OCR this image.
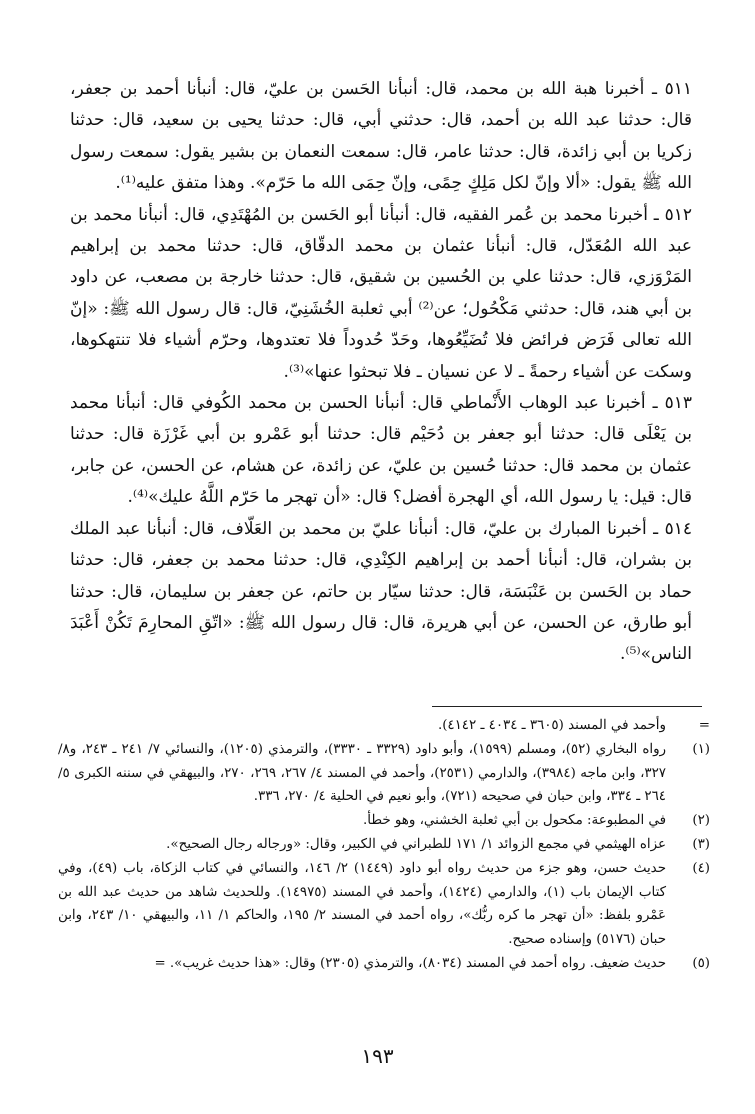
٥١١ ـ أخبرنا هبة الله بن محمد، قال: أنبأنا الحَسن بن عليّ، قال: أنبأنا أحمد بن جعفر، قال: حدثنا عبد الله بن أحمد، قال: حدثني أبي، قال: حدثنا يحيى بن سعيد، قال: حدثنا زكريا بن أبي زائدة، قال: حدثنا عامر، قال: سمعت النعمان بن بشير يقول: سمعت رسول الله ﷺ يقول: «ألا وإنّ لكل مَلِكٍ حِمًى، وإنّ حِمَى الله ما حَرّم». وهذا متفق عليه⁽¹⁾.

٥١٢ ـ أخبرنا محمد بن عُمر الفقيه، قال: أنبأنا أبو الحَسن بن المُهْتَدِي، قال: أنبأنا محمد بن عبد الله المُعَدّل، قال: أنبأنا عثمان بن محمد الدقّاق، قال: حدثنا محمد بن إبراهيم المَرْوَزي، قال: حدثنا علي بن الحُسين بن شقيق، قال: حدثنا خارجة بن مصعب، عن داود بن أبي هند، قال: حدثني مَكْحُول؛ عن⁽²⁾ أبي ثعلبة الخُشَنِيّ، قال: قال رسول الله ﷺ: «إنّ الله تعالى فَرَض فرائض فلا تُضَيِّعُوها، وحَدّ حُدوداً فلا تعتدوها، وحرّم أشياء فلا تنتهكوها، وسكت عن أشياء رحمةً ـ لا عن نسيان ـ فلا تبحثوا عنها»⁽³⁾.

٥١٣ ـ أخبرنا عبد الوهاب الأَنْماطي قال: أنبأنا الحسن بن محمد الكُوفي قال: أنبأنا محمد بن يَعْلَى قال: حدثنا أبو جعفر بن دُحَيْم قال: حدثنا أبو عَمْرو بن أبي غَرْزَة قال: حدثنا عثمان بن محمد قال: حدثنا حُسين بن عليّ، عن زائدة، عن هشام، عن الحسن، عن جابر، قال: قيل: يا رسول الله، أي الهجرة أفضل؟ قال: «أن تهجر ما حَرّم اللَّهُ عليك»⁽⁴⁾.

٥١٤ ـ أخبرنا المبارك بن عليّ، قال: أنبأنا عليّ بن محمد بن العَلّاف، قال: أنبأنا عبد الملك بن بشران، قال: أنبأنا أحمد بن إبراهيم الكِنْدِي، قال: حدثنا محمد بن جعفر، قال: حدثنا حماد بن الحَسن بن عَنْبَسَة، قال: حدثنا سيّار بن حاتم، عن جعفر بن سليمان، قال: حدثنا أبو طارق، عن الحسن، عن أبي هريرة، قال: قال رسول الله ﷺ: «اتّقِ المحارِمَ تَكُنْ أَعْبَدَ الناس»⁽⁵⁾.

=
وأحمد في المسند (٣٦٠٥ ـ ٤٠٣٤ ـ ٤١٤٢).
(١)
رواه البخاري (٥٢)، ومسلم (١٥٩٩)، وأبو داود (٣٣٢٩ ـ ٣٣٣٠)، والترمذي (١٢٠٥)، والنسائي ٧/ ٢٤١ ـ ٢٤٣، و٨/ ٣٢٧، وابن ماجه (٣٩٨٤)، والدارمي (٢٥٣١)، وأحمد في المسند ٤/ ٢٦٧، ٢٦٩، ٢٧٠، والبيهقي في سننه الكبرى ٥/ ٢٦٤ ـ ٣٣٤، وابن حبان في صحيحه (٧٢١)، وأبو نعيم في الحلية ٤/ ٢٧٠، ٣٣٦.
(٢)
في المطبوعة: مكحول بن أبي ثعلبة الخشني، وهو خطأ.
(٣)
عزاه الهيثمي في مجمع الزوائد ١/ ١٧١ للطبراني في الكبير، وقال: «ورجاله رجال الصحيح».
(٤)
حديث حسن، وهو جزء من حديث رواه أبو داود (١٤٤٩) ٢/ ١٤٦، والنسائي في كتاب الزكاة، باب (٤٩)، وفي كتاب الإيمان باب (١)، والدارمي (١٤٢٤)، وأحمد في المسند (١٤٩٧٥). وللحديث شاهد من حديث عبد الله بن عَمْرو بلفظ: «أن تهجر ما كره ربُّك»، رواه أحمد في المسند ٢/ ١٩٥، والحاكم ١/ ١١، والبيهقي ١٠/ ٢٤٣، وابن حبان (٥١٧٦) وإسناده صحيح.
(٥)
حديث ضعيف. رواه أحمد في المسند (٨٠٣٤)، والترمذي (٢٣٠٥) وقال: «هذا حديث غريب». =
١٩٣
